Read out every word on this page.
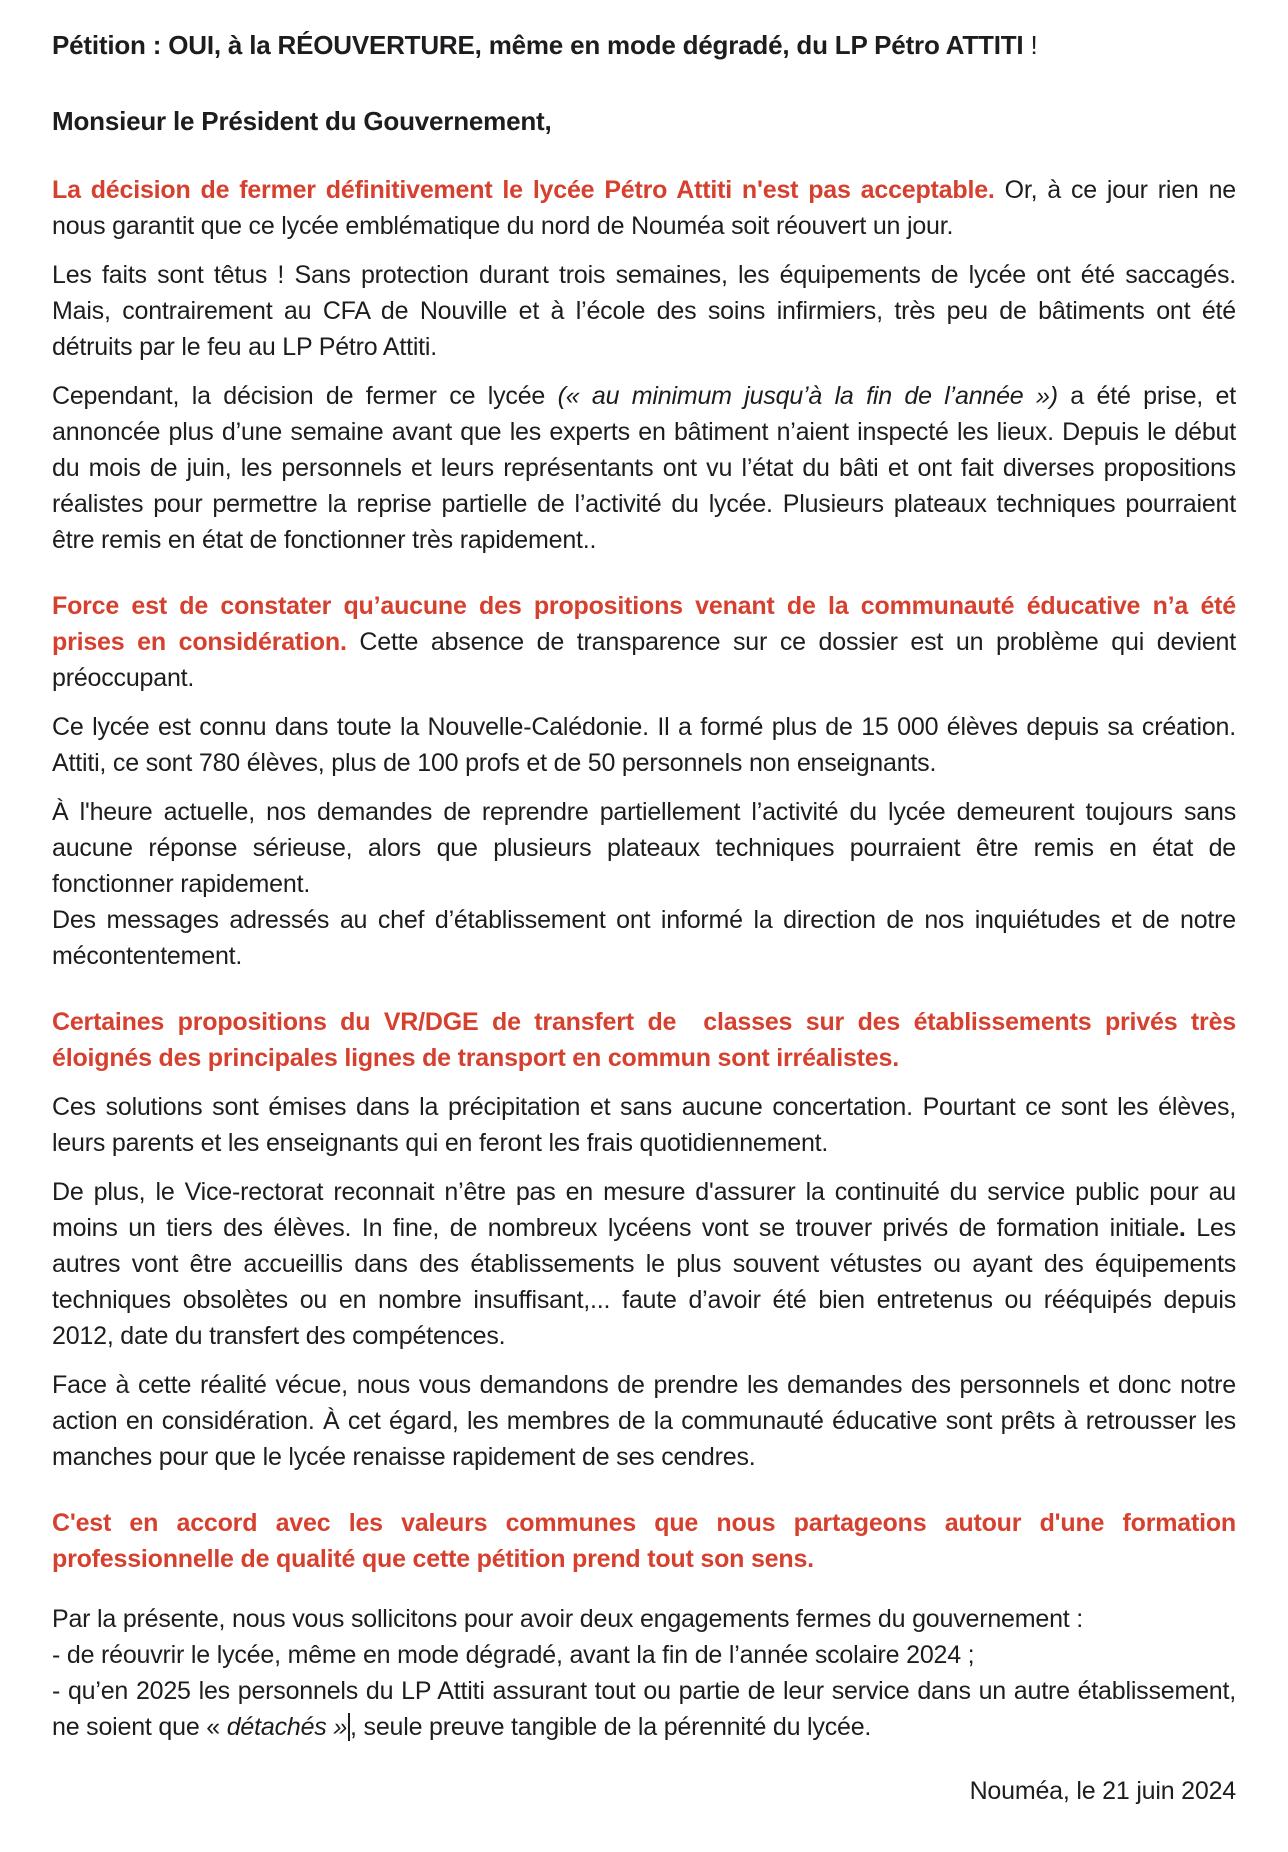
Pétition : OUI, à la RÉOUVERTURE, même en mode dégradé, du LP Pétro ATTITI !

Monsieur le Président du Gouvernement,

La décision de fermer définitivement le lycée Pétro Attiti n'est pas acceptable. Or, à ce jour rien ne nous garantit que ce lycée emblématique du nord de Nouméa soit réouvert un jour.

Les faits sont têtus ! Sans protection durant trois semaines, les équipements de lycée ont été saccagés. Mais, contrairement au CFA de Nouville et à l’école des soins infirmiers, très peu de bâtiments ont été détruits par le feu au LP Pétro Attiti.

Cependant, la décision de fermer ce lycée (« au minimum jusqu’à la fin de l’année ») a été prise, et annoncée plus d’une semaine avant que les experts en bâtiment n’aient inspecté les lieux. Depuis le début du mois de juin, les personnels et leurs représentants ont vu l’état du bâti et ont fait diverses propositions réalistes pour permettre la reprise partielle de l’activité du lycée. Plusieurs plateaux techniques pourraient être remis en état de fonctionner très rapidement..

Force est de constater qu’aucune des propositions venant de la communauté éducative n’a été prises en considération. Cette absence de transparence sur ce dossier est un problème qui devient préoccupant.

Ce lycée est connu dans toute la Nouvelle-Calédonie. Il a formé plus de 15 000 élèves depuis sa création. Attiti, ce sont 780 élèves, plus de 100 profs et de 50 personnels non enseignants.

À l'heure actuelle, nos demandes de reprendre partiellement l’activité du lycée demeurent toujours sans aucune réponse sérieuse, alors que plusieurs plateaux techniques pourraient être remis en état de fonctionner rapidement.

Des messages adressés au chef d’établissement ont informé la direction de nos inquiétudes et de notre mécontentement.

Certaines propositions du VR/DGE de transfert de  classes sur des établissements privés très éloignés des principales lignes de transport en commun sont irréalistes.

Ces solutions sont émises dans la précipitation et sans aucune concertation. Pourtant ce sont les élèves, leurs parents et les enseignants qui en feront les frais quotidiennement.

De plus, le Vice-rectorat reconnait n’être pas en mesure d'assurer la continuité du service public pour au moins un tiers des élèves. In fine, de nombreux lycéens vont se trouver privés de formation initiale. Les autres vont être accueillis dans des établissements le plus souvent vétustes ou ayant des équipements techniques obsolètes ou en nombre insuffisant,... faute d’avoir été bien entretenus ou rééquipés depuis 2012, date du transfert des compétences.

Face à cette réalité vécue, nous vous demandons de prendre les demandes des personnels et donc notre action en considération. À cet égard, les membres de la communauté éducative sont prêts à retrousser les manches pour que le lycée renaisse rapidement de ses cendres.

C'est en accord avec les valeurs communes que nous partageons autour d'une formation professionnelle de qualité que cette pétition prend tout son sens.

Par la présente, nous vous sollicitons pour avoir deux engagements fermes du gouvernement :

- de réouvrir le lycée, même en mode dégradé, avant la fin de l’année scolaire 2024 ;

- qu’en 2025 les personnels du LP Attiti assurant tout ou partie de leur service dans un autre établissement, ne soient que « détachés » , seule preuve tangible de la pérennité du lycée.

Nouméa, le 21 juin 2024
